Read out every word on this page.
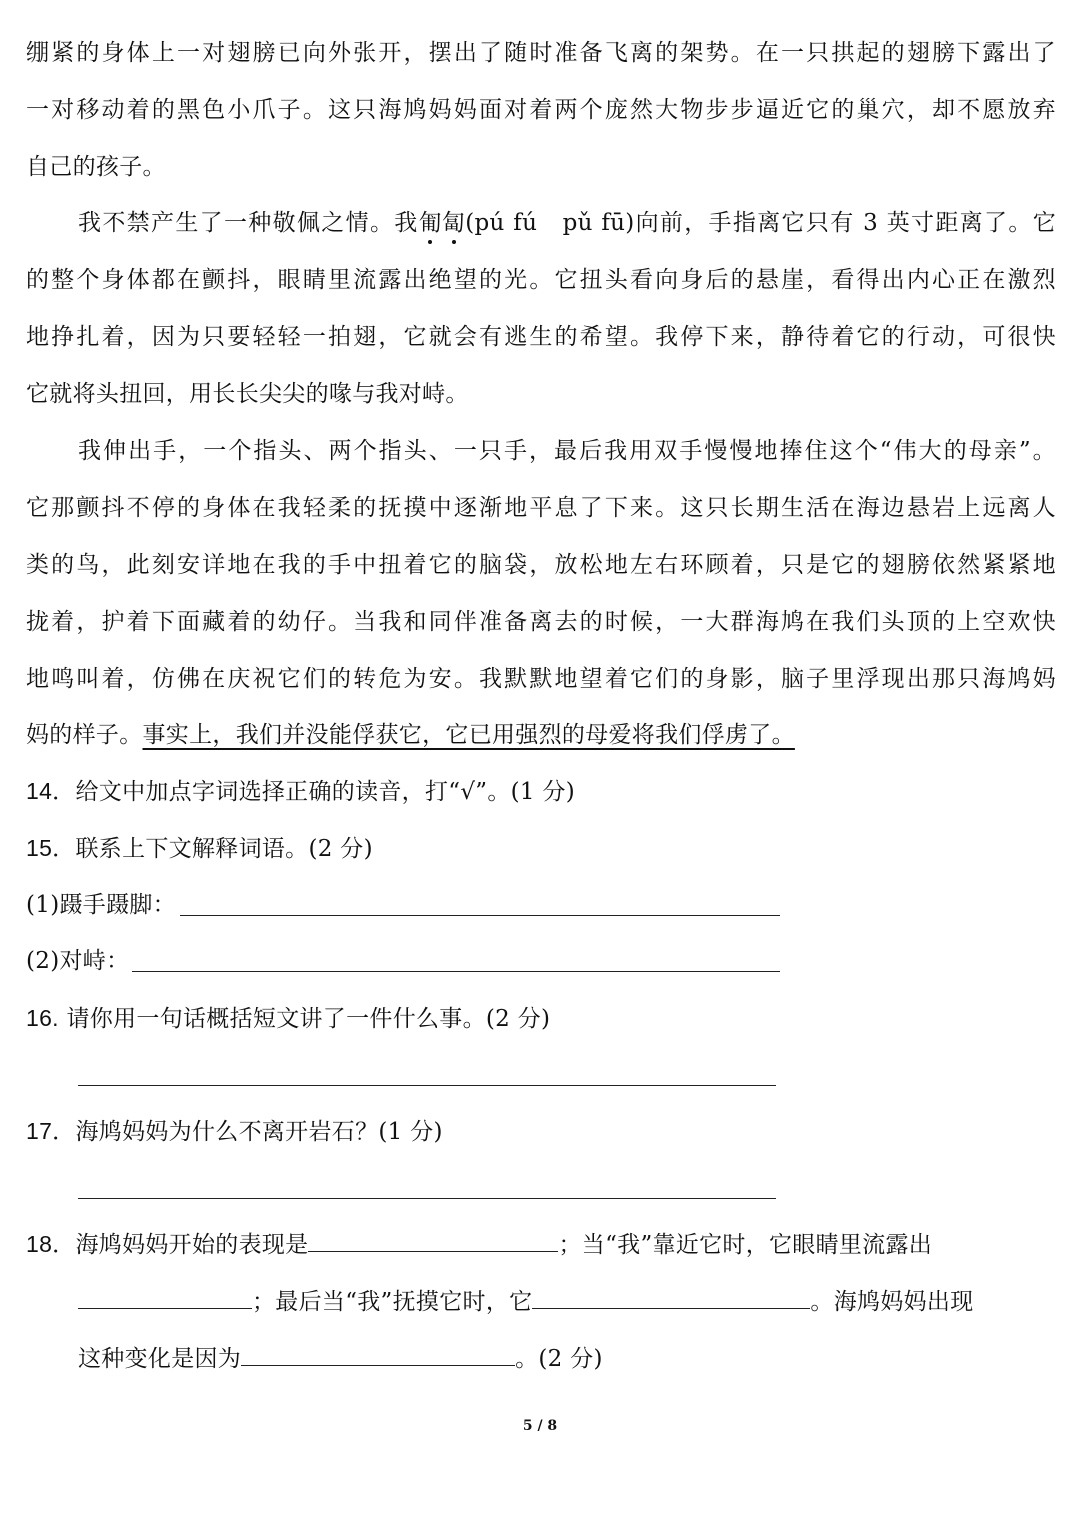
绷紧的身体上一对翅膀已向外张开，摆出了随时准备飞离的架势。在一只拱起的翅膀下露出了
一对移动着的黑色小爪子。这只海鸠妈妈面对着两个庞然大物步步逼近它的巢穴，却不愿放弃
自己的孩子。
我不禁产生了一种敬佩之情。我匍匐(pú fú　pǔ fū)向前，手指离它只有 3 英寸距离了。它
的整个身体都在颤抖，眼睛里流露出绝望的光。它扭头看向身后的悬崖，看得出内心正在激烈
地挣扎着，因为只要轻轻一拍翅，它就会有逃生的希望。我停下来，静待着它的行动，可很快
它就将头扭回，用长长尖尖的喙与我对峙。
我伸出手，一个指头、两个指头、一只手，最后我用双手慢慢地捧住这个“伟大的母亲”。
它那颤抖不停的身体在我轻柔的抚摸中逐渐地平息了下来。这只长期生活在海边悬岩上远离人
类的鸟，此刻安详地在我的手中扭着它的脑袋，放松地左右环顾着，只是它的翅膀依然紧紧地
拢着，护着下面藏着的幼仔。当我和同伴准备离去的时候，一大群海鸠在我们头顶的上空欢快
地鸣叫着，仿佛在庆祝它们的转危为安。我默默地望着它们的身影，脑子里浮现出那只海鸠妈
妈的样子。事实上，我们并没能俘获它，它已用强烈的母爱将我们俘虏了。
14．给文中加点字词选择正确的读音，打“√”。(1 分)
15．联系上下文解释词语。(2 分)
(1)蹑手蹑脚：
(2)对峙：
16. 请你用一句话概括短文讲了一件什么事。(2 分)
17．海鸠妈妈为什么不离开岩石？(1 分)
18．海鸠妈妈开始的表现是	；当“我”靠近它时，它眼睛里流露出
；最后当“我”抚摸它时，它	。海鸠妈妈出现
这种变化是因为	。(2 分)
5 / 8
